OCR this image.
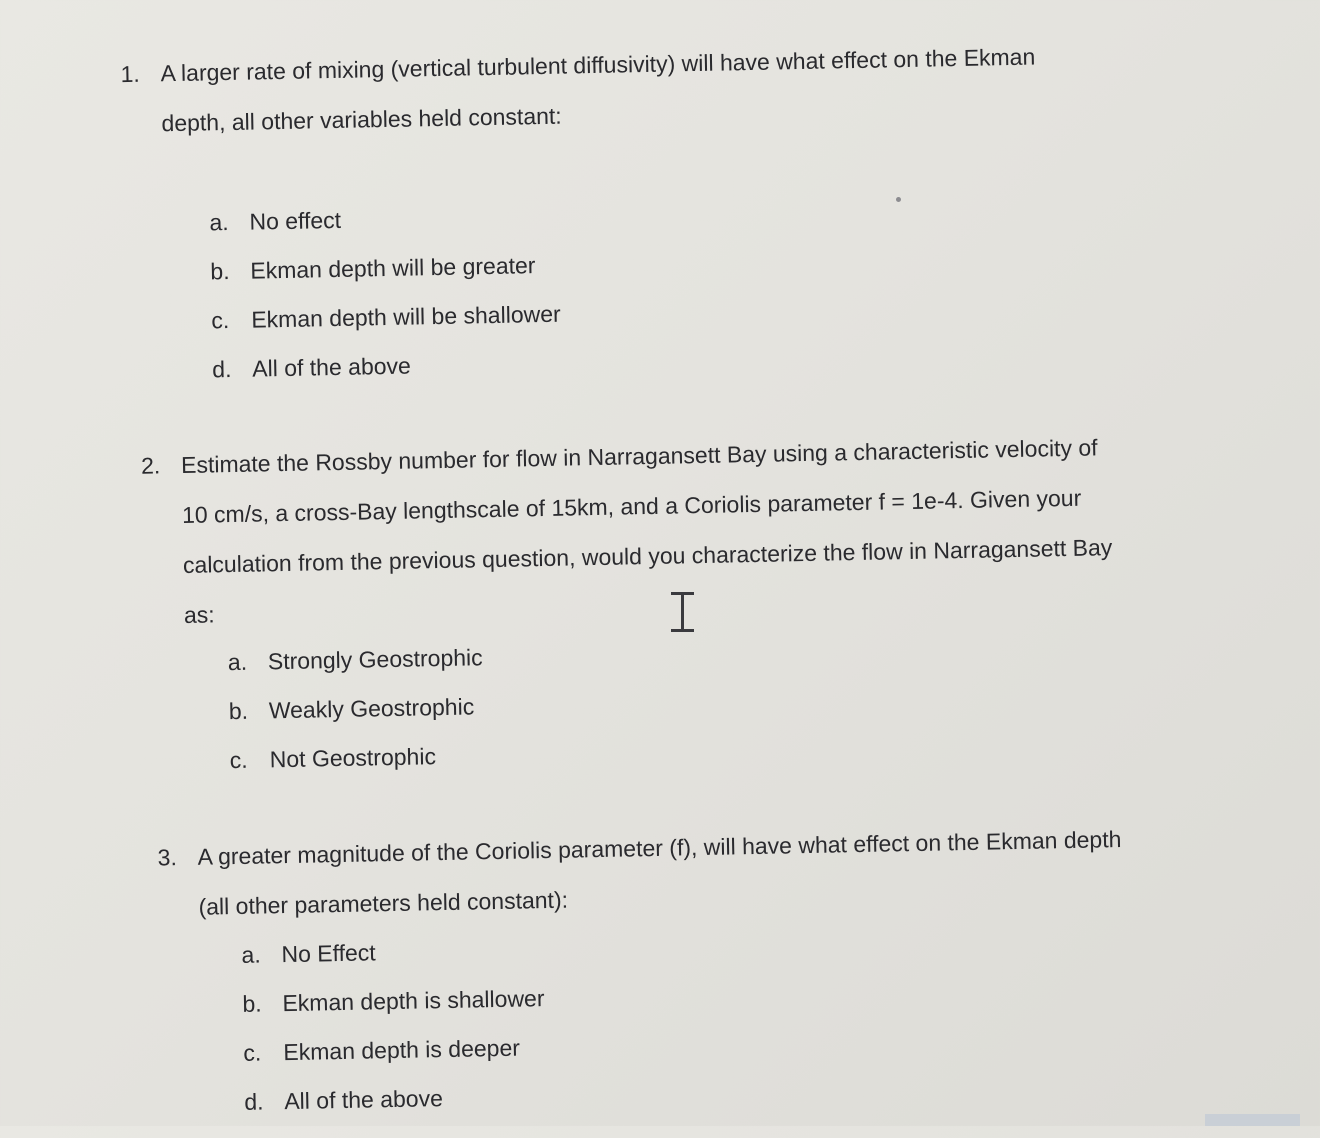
1. A larger rate of mixing (vertical turbulent diffusivity) will have what effect on the Ekman
depth, all other variables held constant:
a. No effect
b. Ekman depth will be greater
c. Ekman depth will be shallower
d. All of the above
2. Estimate the Rossby number for flow in Narragansett Bay using a characteristic velocity of
10 cm/s, a cross-Bay lengthscale of 15km, and a Coriolis parameter f = 1e-4. Given your
calculation from the previous question, would you characterize the flow in Narragansett Bay
as:
a. Strongly Geostrophic
b. Weakly Geostrophic
c. Not Geostrophic
3. A greater magnitude of the Coriolis parameter (f), will have what effect on the Ekman depth
(all other parameters held constant):
a. No Effect
b. Ekman depth is shallower
c. Ekman depth is deeper
d. All of the above
